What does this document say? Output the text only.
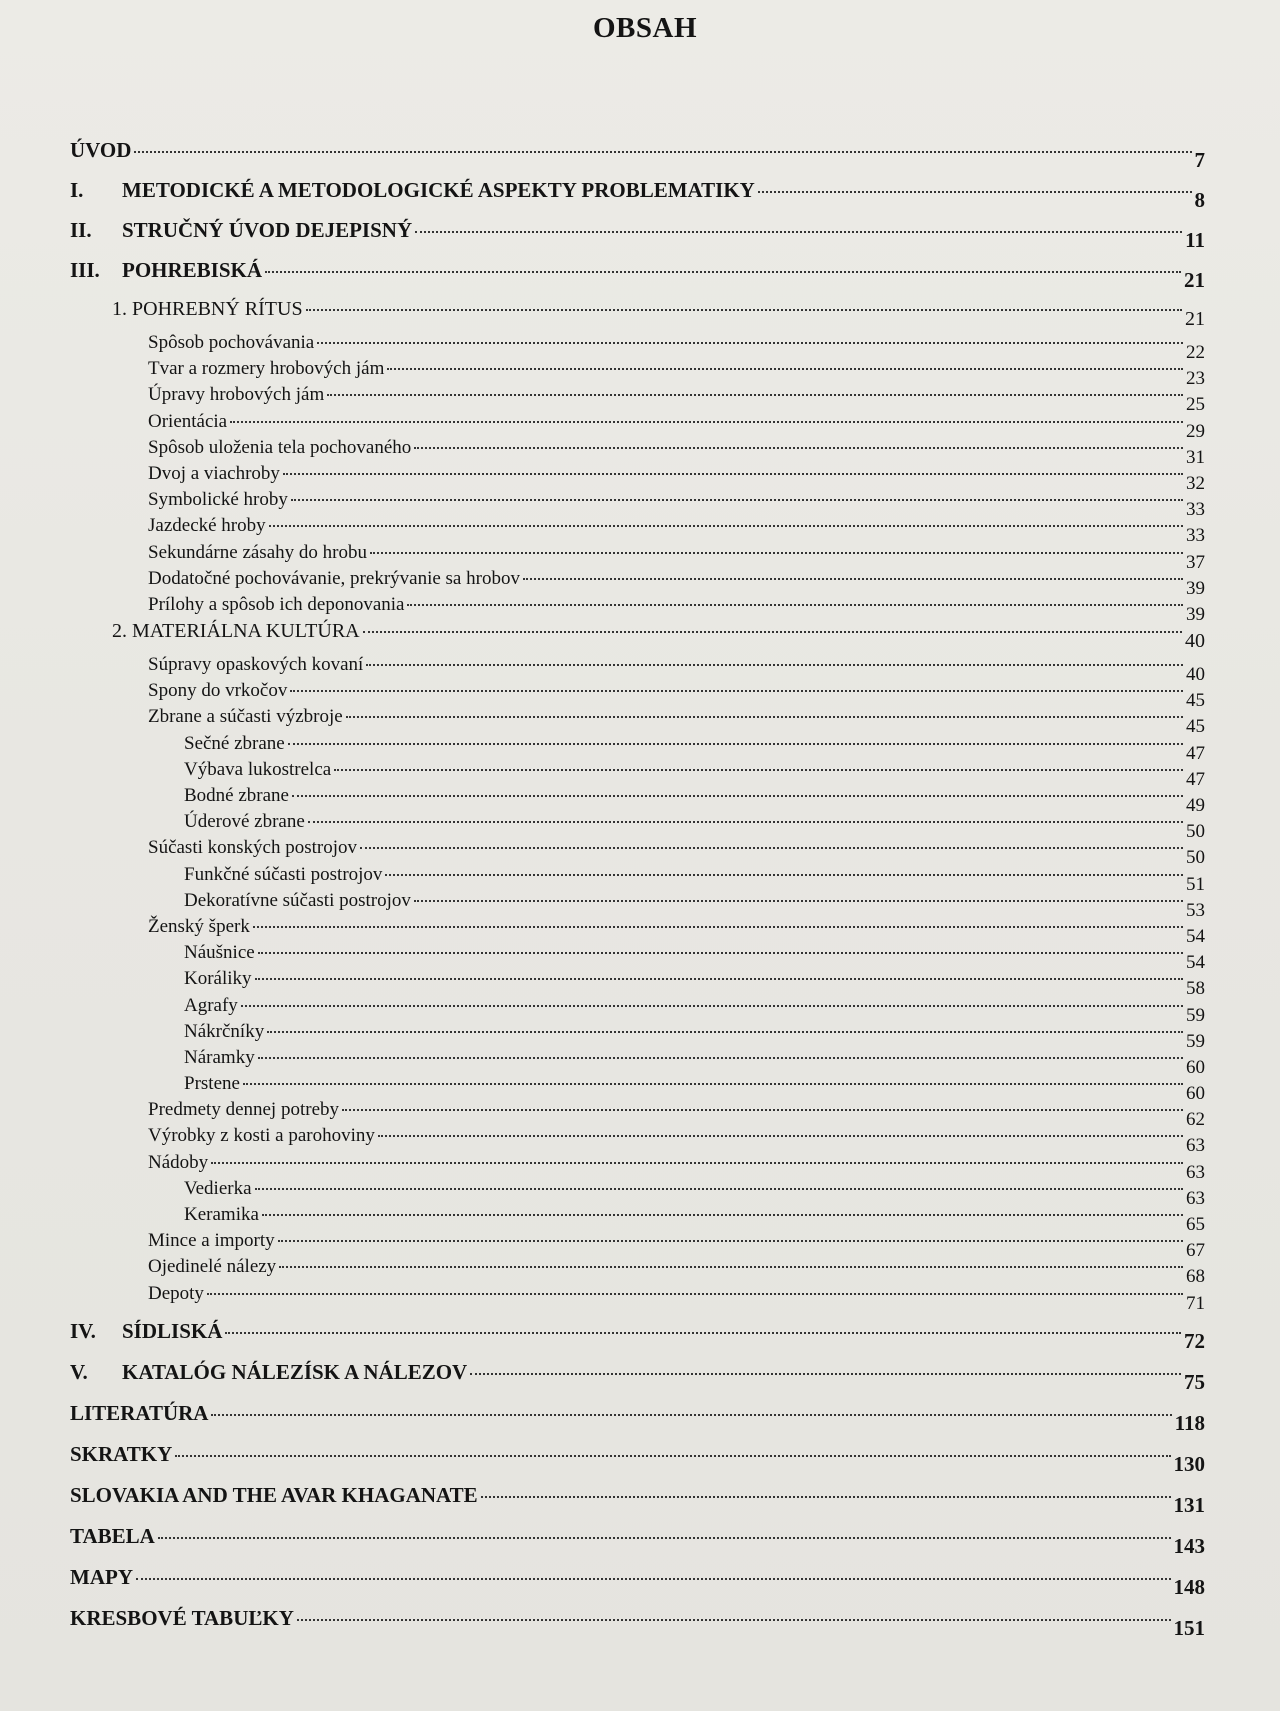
OBSAH
ÚVOD	7
I. METODICKÉ A METODOLOGICKÉ ASPEKTY PROBLEMATIKY	8
II. STRUČNÝ ÚVOD DEJEPISNÝ	11
III. POHREBISKÁ	21
1. POHREBNÝ RÍTUS	21
Spôsob pochovávania	22
Tvar a rozmery hrobových jám	23
Úpravy hrobových jám	25
Orientácia	29
Spôsob uloženia tela pochovaného	31
Dvoj a viachroby	32
Symbolické hroby	33
Jazdecké hroby	33
Sekundárne zásahy do hrobu	37
Dodatočné pochovávanie, prekrývanie sa hrobov	39
Prílohy a spôsob ich deponovania	39
2. MATERIÁLNA KULTÚRA	40
Súpravy opaskových kovaní	40
Spony do vrkočov	45
Zbrane a súčasti výzbroje	45
Sečné zbrane	47
Výbava lukostrelca	47
Bodné zbrane	49
Úderové zbrane	50
Súčasti konských postrojov	50
Funkčné súčasti postrojov	51
Dekoratívne súčasti postrojov	53
Ženský šperk	54
Náušnice	54
Koráliky	58
Agrafy	59
Nákrčníky	59
Náramky	60
Prstene	60
Predmety dennej potreby	62
Výrobky z kosti a parohoviny	63
Nádoby	63
Vedierka	63
Keramika	65
Mince a importy	67
Ojedinelé nálezy	68
Depoty	71
IV. SÍDLISKÁ	72
V. KATALÓG NÁLEZÍSK A NÁLEZOV	75
LITERATÚRA	118
SKRATKY	130
SLOVAKIA AND THE AVAR KHAGANATE	131
TABELA	143
MAPY	148
KRESBOVÉ TABUĽKY	151
